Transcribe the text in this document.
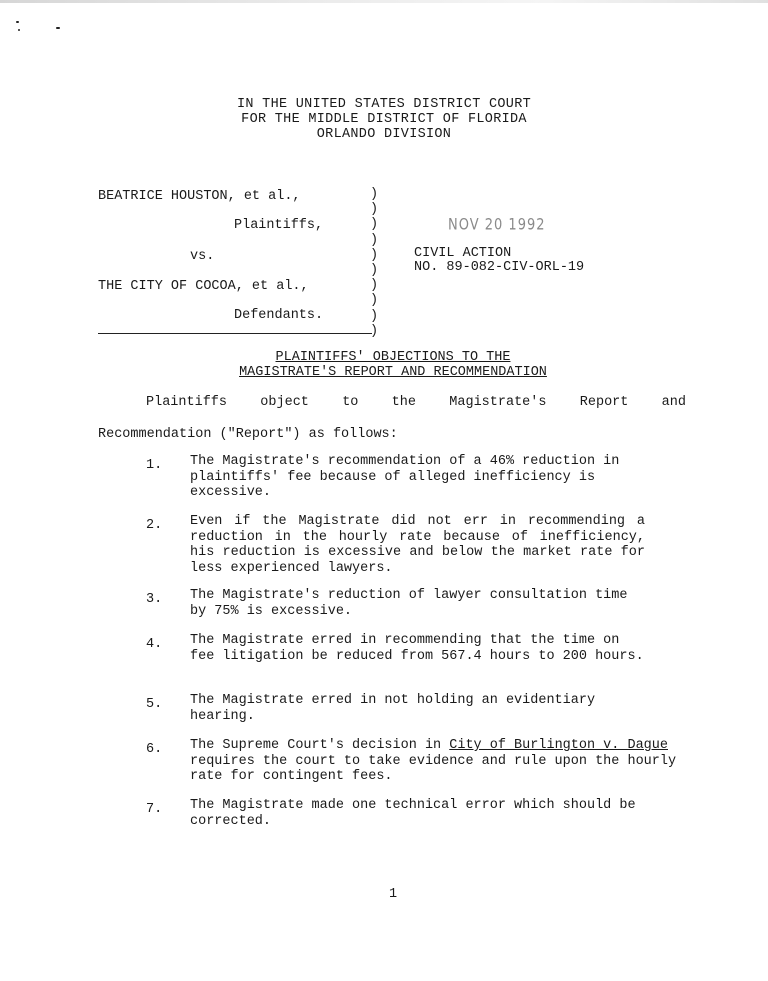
IN THE UNITED STATES DISTRICT COURT
FOR THE MIDDLE DISTRICT OF FLORIDA
ORLANDO DIVISION
BEATRICE HOUSTON, et al.,
Plaintiffs,
vs.
THE CITY OF COCOA, et al.,
Defendants.
)
)
)
)
)
)
)
)
)
)
NOV 20 1992
CIVIL ACTION
NO. 89-082-CIV-ORL-19
PLAINTIFFS' OBJECTIONS TO THE
MAGISTRATE'S REPORT AND RECOMMENDATION
Plaintiffs object to the Magistrate's Report and
Recommendation ("Report") as follows:
1. The Magistrate's recommendation of a 46% reduction in plaintiffs' fee because of alleged inefficiency is excessive.
2. Even if the Magistrate did not err in recommending a reduction in the hourly rate because of inefficiency, his reduction is excessive and below the market rate for less experienced lawyers.
3. The Magistrate's reduction of lawyer consultation time by 75% is excessive.
4. The Magistrate erred in recommending that the time on fee litigation be reduced from 567.4 hours to 200 hours.
5. The Magistrate erred in not holding an evidentiary hearing.
6. The Supreme Court's decision in City of Burlington v. Dague requires the court to take evidence and rule upon the hourly rate for contingent fees.
7. The Magistrate made one technical error which should be corrected.
1
